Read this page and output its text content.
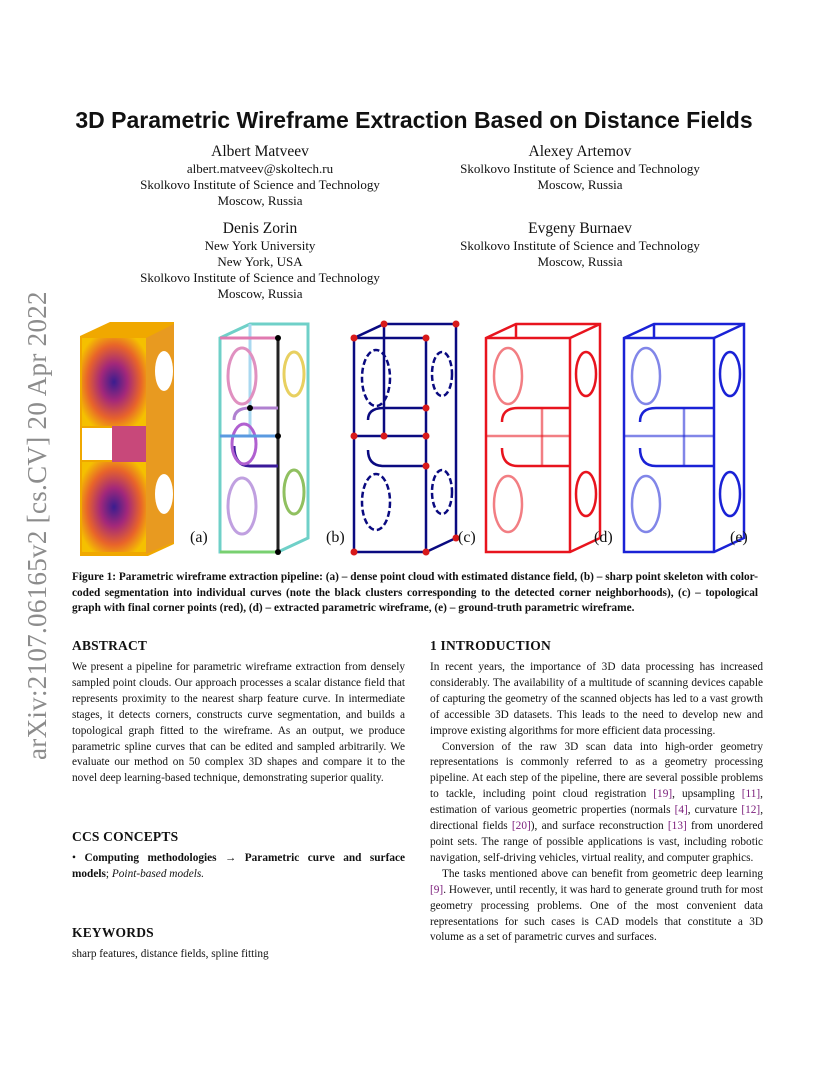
arXiv:2107.06165v2 [cs.CV] 20 Apr 2022
3D Parametric Wireframe Extraction Based on Distance Fields
Albert Matveev
albert.matveev@skoltech.ru
Skolkovo Institute of Science and Technology
Moscow, Russia
Alexey Artemov
Skolkovo Institute of Science and Technology
Moscow, Russia
Denis Zorin
New York University
New York, USA
Skolkovo Institute of Science and Technology
Moscow, Russia
Evgeny Burnaev
Skolkovo Institute of Science and Technology
Moscow, Russia
(a)	(b)	(c)	(d)	(e)
Figure 1: Parametric wireframe extraction pipeline: (a) – dense point cloud with estimated distance field, (b) – sharp point skeleton with color-coded segmentation into individual curves (note the black clusters corresponding to the detected corner neighborhoods), (c) – topological graph with final corner points (red), (d) – extracted parametric wireframe, (e) – ground-truth parametric wireframe.
ABSTRACT

We present a pipeline for parametric wireframe extraction from densely sampled point clouds. Our approach processes a scalar distance field that represents proximity to the nearest sharp feature curve. In intermediate stages, it detects corners, constructs curve segmentation, and builds a topological graph fitted to the wireframe. As an output, we produce parametric spline curves that can be edited and sampled arbitrarily. We evaluate our method on 50 complex 3D shapes and compare it to the novel deep learning-based technique, demonstrating superior quality.

CCS CONCEPTS
• Computing methodologies → Parametric curve and surface models; Point-based models.
KEYWORDS

sharp features, distance fields, spline fitting

1 INTRODUCTION

In recent years, the importance of 3D data processing has increased considerably. The availability of a multitude of scanning devices capable of capturing the geometry of the scanned objects has led to a vast growth of accessible 3D datasets. This leads to the need to develop new and improve existing algorithms for more efficient data processing.

Conversion of the raw 3D scan data into high-order geometry representations is commonly referred to as a geometry processing pipeline. At each step of the pipeline, there are several possible problems to tackle, including point cloud registration [19], upsampling [11], estimation of various geometric properties (normals [4], curvature [12], directional fields [20]), and surface reconstruction [13] from unordered point sets. The range of possible applications is vast, including robotic navigation, self-driving vehicles, virtual reality, and computer graphics.

The tasks mentioned above can benefit from geometric deep learning [9]. However, until recently, it was hard to generate ground truth for most geometry processing problems. One of the most convenient data representations for such cases is CAD models that constitute a 3D volume as a set of parametric curves and surfaces.
